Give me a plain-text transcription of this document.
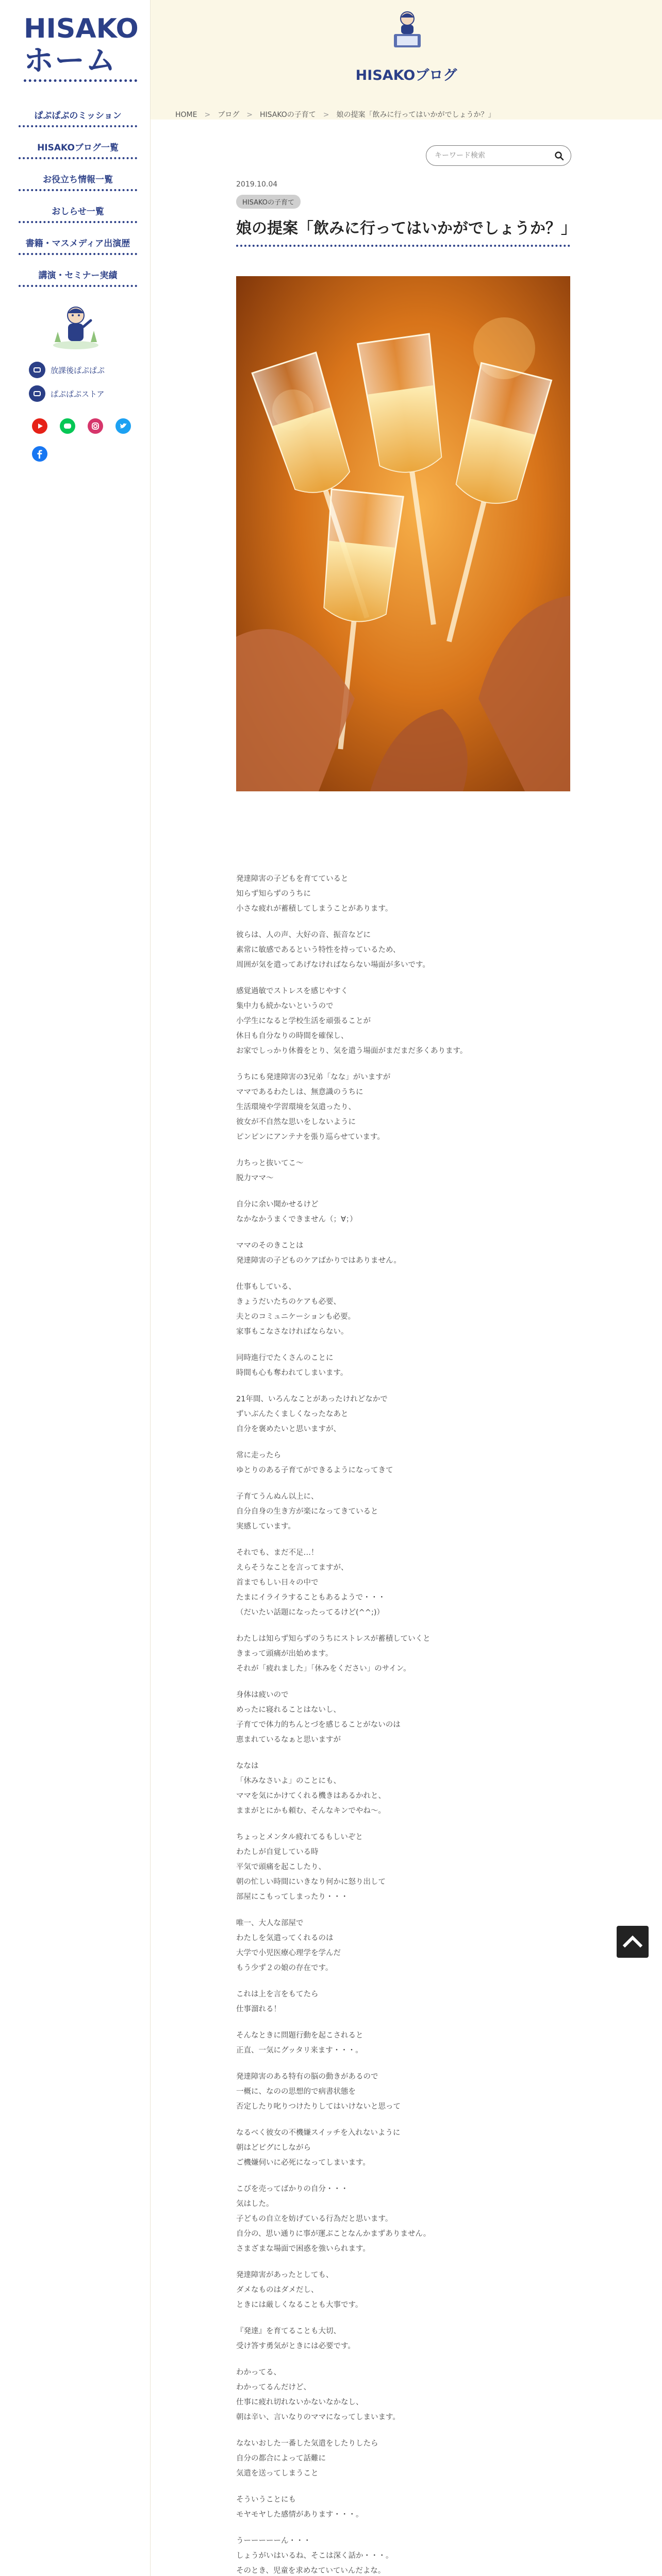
HISAKO
ホーム
ぱぷぱぷのミッション
HISAKOブログ一覧
お役立ち情報一覧
おしらせ一覧
書籍・マスメディア出演歴
講演・セミナー実績
放課後ぱぷぱぷ
ぱぷぱぷストア
HISAKOブログ
HOME > ブログ > HISAKOの子育て > 娘の提案「飲みに行ってはいかがでしょうか？」
キーワード検索
2019.10.04
HISAKOの子育て
娘の提案「飲みに行ってはいかがでしょうか？」

発達障害の子どもを育てていると
知らず知らずのうちに
小さな疲れが蓄積してしまうことがあります。

彼らは、人の声、大好の音、振音などに
素常に敏感であるという特性を持っているため、
周囲が気を遣ってあげなければならない場面が多いです。

感覚過敏でストレスを感じやすく
集中力も続かないというので
小学生になると学校生活を頑張ることが
休日も自分なりの時間を確保し、
お家でしっかり休養をとり、気を遣う場面がまだまだ多くあります。

うちにも発達障害の3兄弟「なな」がいますが
ママであるわたしは、無意識のうちに
生活環境や学習環境を気遣ったり、
彼女が不自然な思いをしないように
ピンピンにアンテナを張り巡らせています。

力ちっと抜いてこ〜
脱力ママ〜

自分に余い聞かせるけど
なかなかうまくできません（；∀；）

ママのそのきことは
発達障害の子どものケアばかりではありません。

仕事もしている、
きょうだいたちのケアも必要、
夫とのコミュニケーションも必要。
家事もこなさなければならない。

同時進行でたくさんのことに
時間も心も奪われてしまいます。

21年間、いろんなことがあったけれどなかで
ずいぶんたくましくなったなあと
自分を褒めたいと思いますが、

常に走ったら
ゆとりのある子育てができるようになってきて

子育てうんぬん以上に、
自分自身の生き方が楽になってきていると
実感しています。

それでも、まだ不足…！
えらそうなことを言ってますが、
首までもしい日々の中で
たまにイライラすることもあるようで・・・
（だいたい話題になったってるけど(^^;)）

わたしは知らず知らずのうちにストレスが蓄積していくと
きまって頭痛が出始めます。
それが「疲れました」「休みをください」のサイン。

身体は疲いので
めったに寝れることはないし、
子育てで体力的ちんとづを感じることがないのは
恵まれているなぁと思いますが

ななは
「休みなさいよ」のことにも、
ママを気にかけてくれる機きはあるかれと、
ままがとにかも頼む、そんなキンでやね〜。

ちょっとメンタル疲れてるもしいぞと
わたしが自覚している時
平気で頭痛を起こしたり、
朝の忙しい時間にいきなり何かに怒り出して
部屋にこもってしまったり・・・

唯一、大人な部屋で
わたしを気遣ってくれるのは
大学で小児医療心理学を学んだ
もう少ず２の娘の存在です。

これは上を言をもてたら
仕事溜れる！

そんなときに問題行動を起こされると
正直、一気にグッタリ来ます・・・。

発達障害のある特有の脳の動きがあるので
一概に、なのの思想的で病書状態を
否定したり叱りつけたりしてはいけないと思って

なるべく彼女の不機嫌スイッチを入れないように
朝はどピグにしながら
ご機嫌伺いに必死になってしまいます。

こびを売ってばかりの自分・・・
気はした。
子どもの自立を妨げている行為だと思います。
自分の、思い通りに事が運ぶことなんかまずありません。
さまざまな場面で困惑を強いられます。

発達障害があったとしても、
ダメなものはダメだし、
ときには厳しくなることも大事です。

『発達』を育てることも大切、
受け答す勇気がときには必要です。

わかってる、
わかってるんだけど、
仕事に疲れ切れないかないなかなし、
朝は辛い、言いなりのママになってしまいます。

なないおした一番した気遣をしたりしたら
自分の都合によって話難に
気遣を送ってしまうこと

そういうことにも
モヤモヤした感情があります・・・。

うーーーーーん・・・
しょうがいはいるね、そこは深く話か・・・。
そのとき、児童を求めなていていんだよな。
